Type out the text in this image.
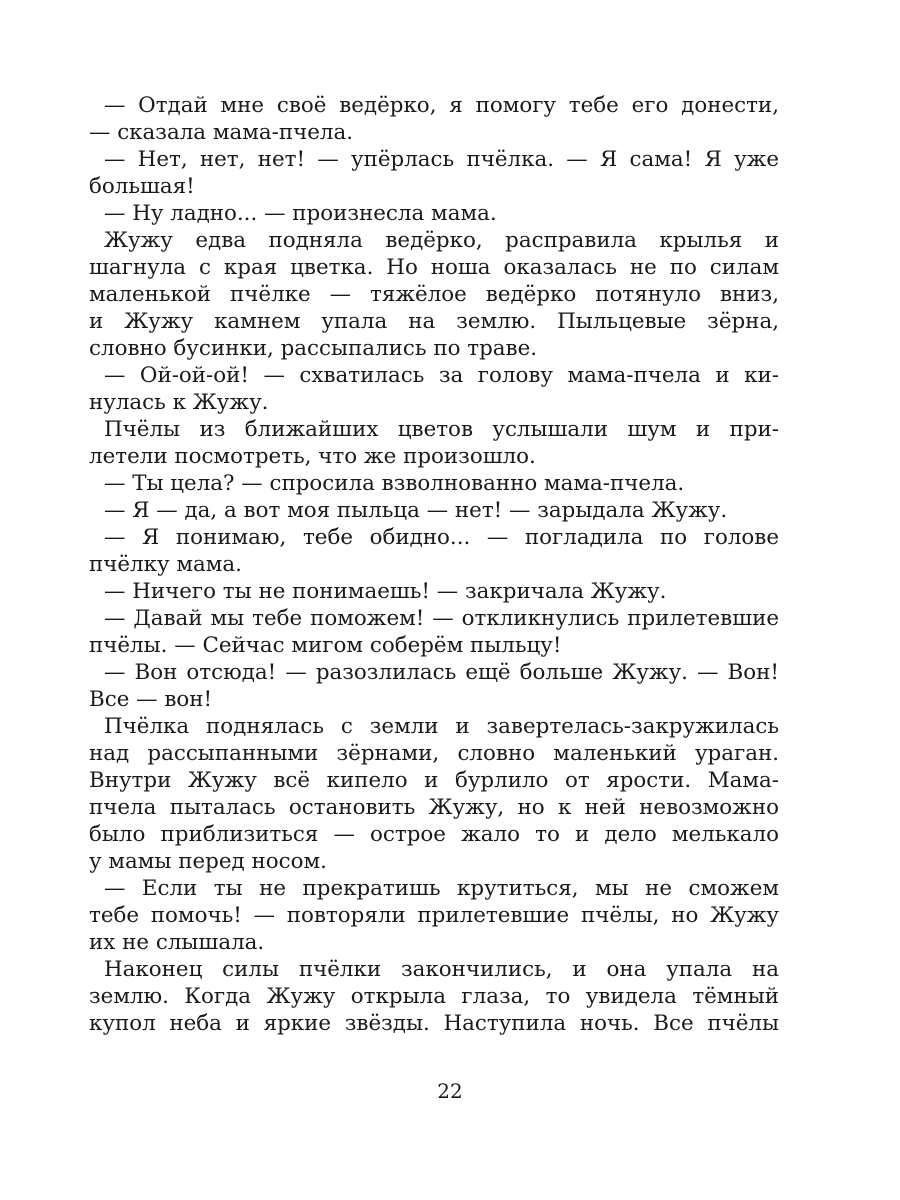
— Отдай мне своё ведёрко, я помогу тебе его донести,
— сказала мама-пчела.

— Нет, нет, нет! — упёрлась пчёлка. — Я сама! Я уже
большая!

— Ну ладно... — произнесла мама.

Жужу едва подняла ведёрко, расправила крылья и
шагнула с края цветка. Но ноша оказалась не по силам
маленькой пчёлке — тяжёлое ведёрко потянуло вниз,
и Жужу камнем упала на землю. Пыльцевые зёрна,
словно бусинки, рассыпались по траве.

— Ой-ой-ой! — схватилась за голову мама-пчела и ки-
нулась к Жужу.

Пчёлы из ближайших цветов услышали шум и при-
летели посмотреть, что же произошло.

— Ты цела? — спросила взволнованно мама-пчела.

— Я — да, а вот моя пыльца — нет! — зарыдала Жужу.

— Я понимаю, тебе обидно... — погладила по голове
пчёлку мама.

— Ничего ты не понимаешь! — закричала Жужу.

— Давай мы тебе поможем! — откликнулись прилетевшие
пчёлы. — Сейчас мигом соберём пыльцу!

— Вон отсюда! — разозлилась ещё больше Жужу. — Вон!
Все — вон!

Пчёлка поднялась с земли и завертелась-закружилась
над рассыпанными зёрнами, словно маленький ураган.
Внутри Жужу всё кипело и бурлило от ярости. Мама-
пчела пыталась остановить Жужу, но к ней невозможно
было приблизиться — острое жало то и дело мелькало
у мамы перед носом.

— Если ты не прекратишь крутиться, мы не сможем
тебе помочь! — повторяли прилетевшие пчёлы, но Жужу
их не слышала.

Наконец силы пчёлки закончились, и она упала на
землю. Когда Жужу открыла глаза, то увидела тёмный
купол неба и яркие звёзды. Наступила ночь. Все пчёлы

22
